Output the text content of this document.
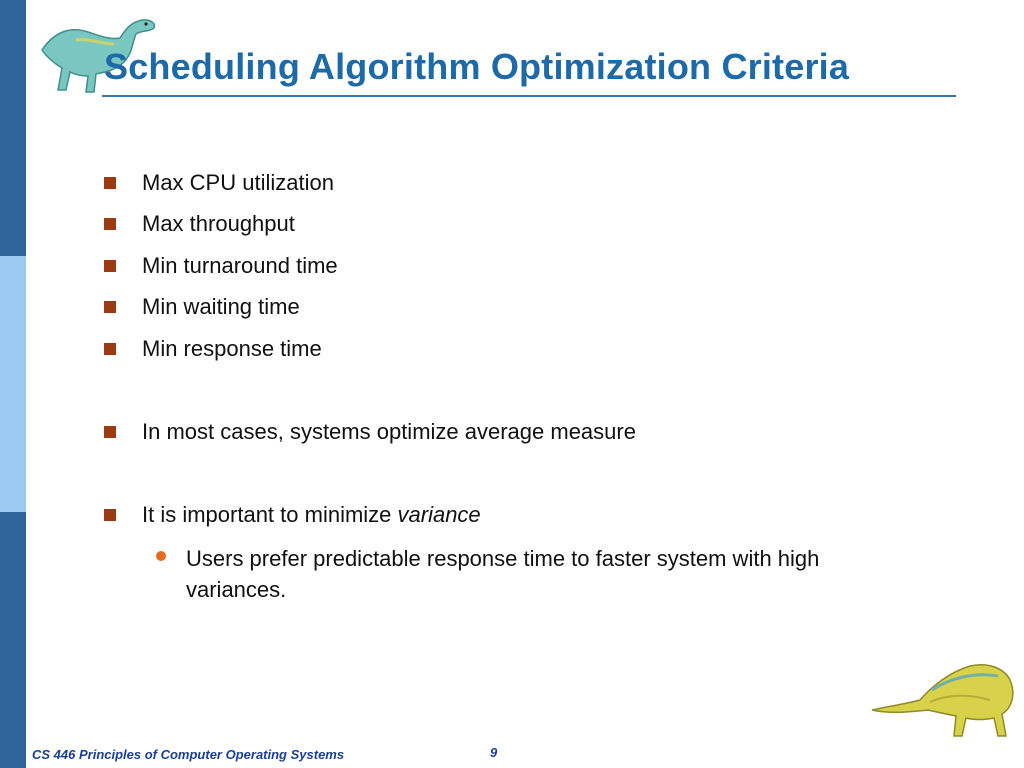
Scheduling Algorithm Optimization Criteria
Max CPU utilization
Max throughput
Min turnaround time
Min waiting time
Min response time
In most cases, systems optimize average measure
It is important to minimize variance
Users prefer predictable response time to faster system with high variances.
CS 446 Principles of Computer Operating Systems	9
